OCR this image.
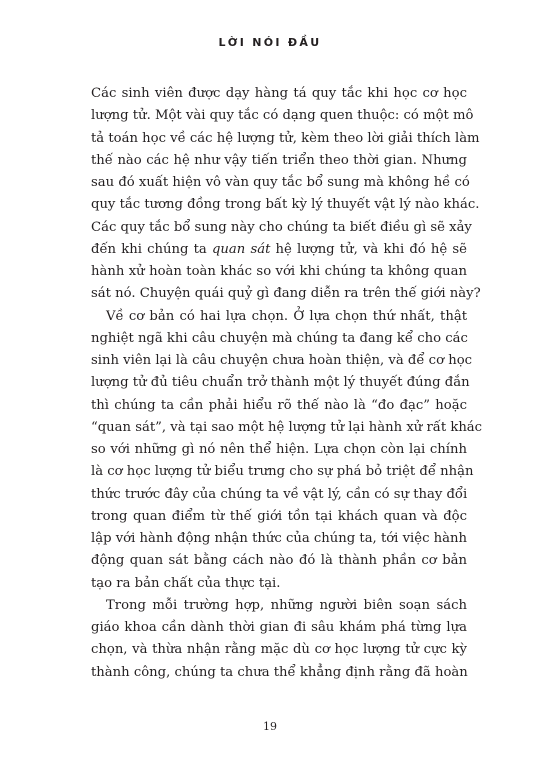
LỜI NÓI ĐẦU
Các sinh viên được dạy hàng tá quy tắc khi học cơ học
lượng tử. Một vài quy tắc có dạng quen thuộc: có một mô
tả toán học về các hệ lượng tử, kèm theo lời giải thích làm
thế nào các hệ như vậy tiến triển theo thời gian. Nhưng
sau đó xuất hiện vô vàn quy tắc bổ sung mà không hề có
quy tắc tương đồng trong bất kỳ lý thuyết vật lý nào khác.
Các quy tắc bổ sung này cho chúng ta biết điều gì sẽ xảy
đến khi chúng ta quan sát hệ lượng tử, và khi đó hệ sẽ
hành xử hoàn toàn khác so với khi chúng ta không quan
sát nó. Chuyện quái quỷ gì đang diễn ra trên thế giới này?
Về cơ bản có hai lựa chọn. Ở lựa chọn thứ nhất, thật
nghiệt ngã khi câu chuyện mà chúng ta đang kể cho các
sinh viên lại là câu chuyện chưa hoàn thiện, và để cơ học
lượng tử đủ tiêu chuẩn trở thành một lý thuyết đúng đắn
thì chúng ta cần phải hiểu rõ thế nào là “đo đạc” hoặc
“quan sát”, và tại sao một hệ lượng tử lại hành xử rất khác
so với những gì nó nên thể hiện. Lựa chọn còn lại chính
là cơ học lượng tử biểu trưng cho sự phá bỏ triệt để nhận
thức trước đây của chúng ta về vật lý, cần có sự thay đổi
trong quan điểm từ thế giới tồn tại khách quan và độc
lập với hành động nhận thức của chúng ta, tới việc hành
động quan sát bằng cách nào đó là thành phần cơ bản
tạo ra bản chất của thực tại.
Trong mỗi trường hợp, những người biên soạn sách
giáo khoa cần dành thời gian đi sâu khám phá từng lựa
chọn, và thừa nhận rằng mặc dù cơ học lượng tử cực kỳ
thành công, chúng ta chưa thể khẳng định rằng đã hoàn
19
